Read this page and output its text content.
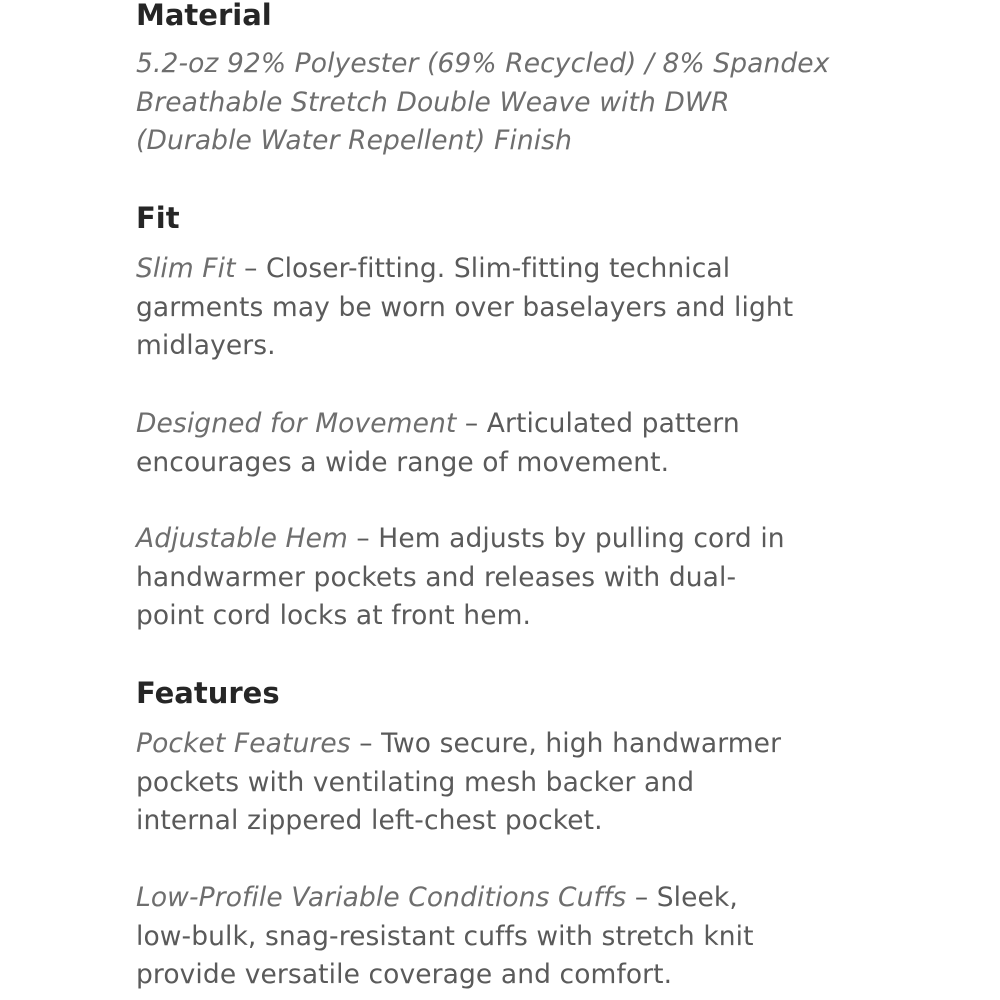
Material

5.2-oz 92% Polyester (69% Recycled) / 8% Spandex
Breathable Stretch Double Weave with DWR
(Durable Water Repellent) Finish

Fit

Slim Fit – Closer-fitting. Slim-fitting technical
garments may be worn over baselayers and light
midlayers.

Designed for Movement – Articulated pattern
encourages a wide range of movement.

Adjustable Hem – Hem adjusts by pulling cord in
handwarmer pockets and releases with dual-
point cord locks at front hem.

Features

Pocket Features – Two secure, high handwarmer
pockets with ventilating mesh backer and
internal zippered left-chest pocket.

Low-Profile Variable Conditions Cuffs – Sleek,
low-bulk, snag-resistant cuffs with stretch knit
provide versatile coverage and comfort.
